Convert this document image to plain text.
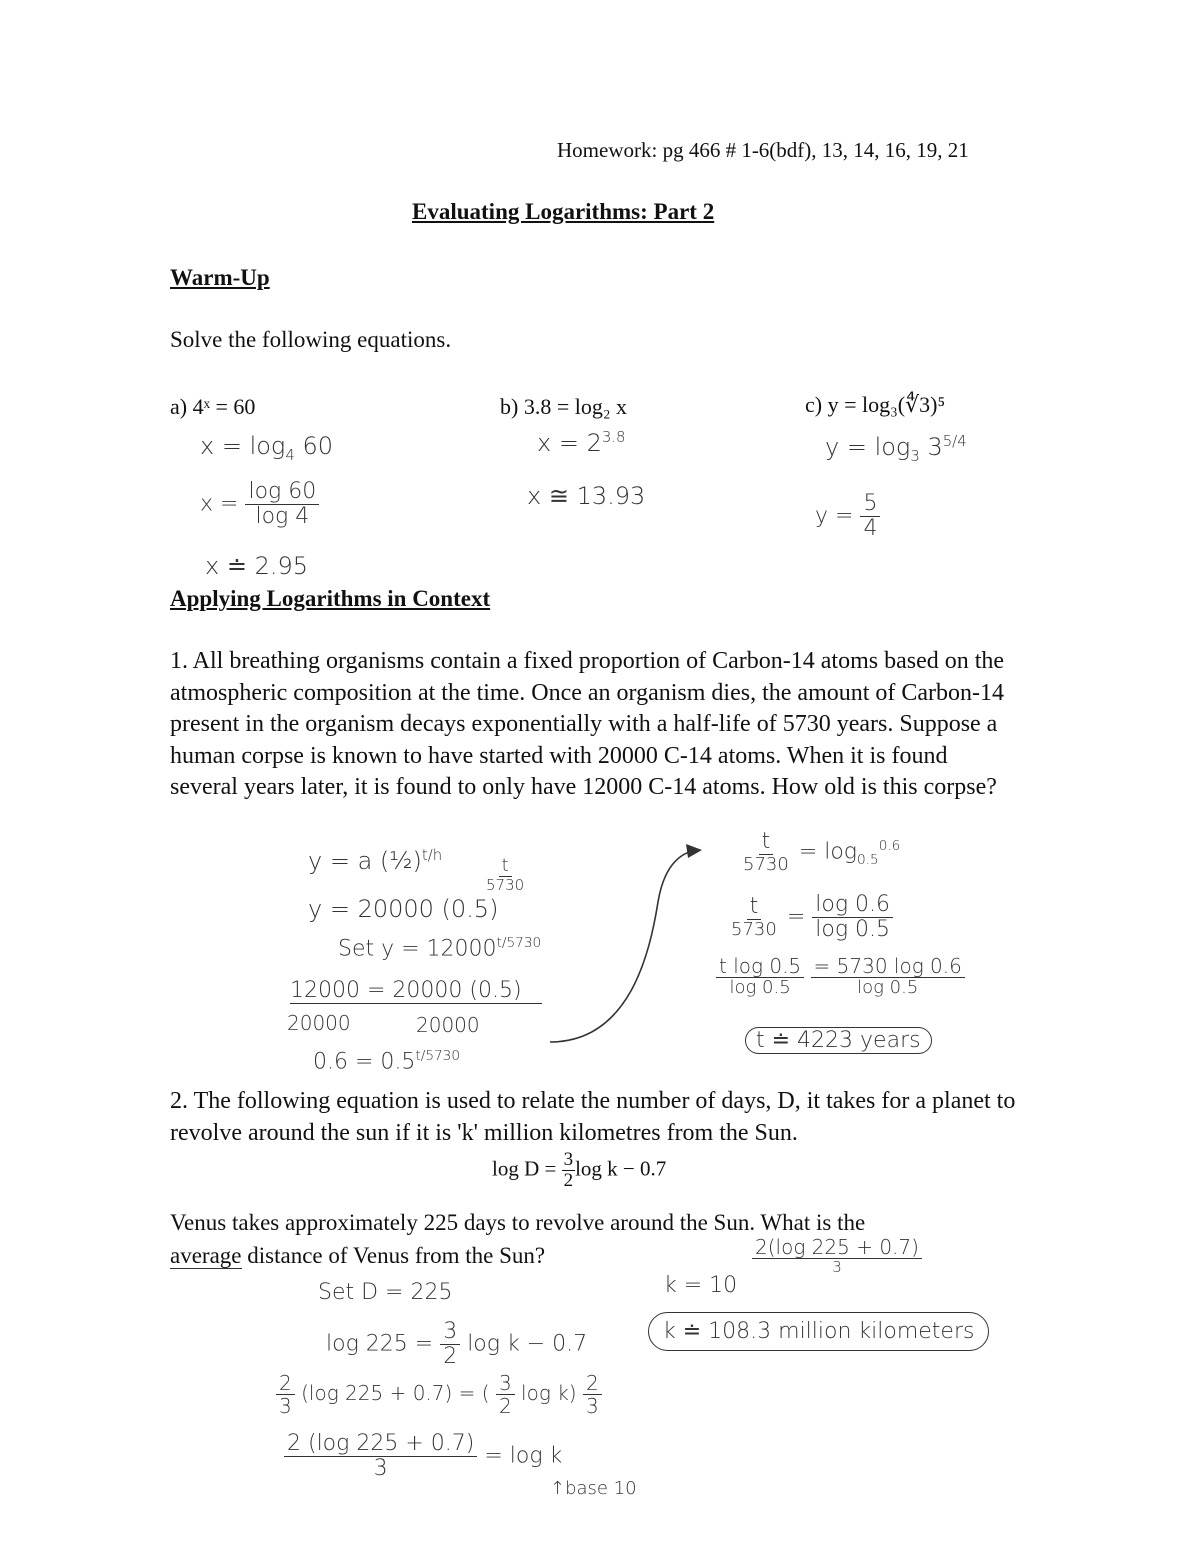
Homework: pg 466 # 1-6(bdf), 13, 14, 16, 19, 21
Evaluating Logarithms: Part 2
Warm-Up
Solve the following equations.
a) 4ˣ = 60
$x = \log_4 60$
$x = \frac{\log 60}{\log 4}$
x ≐ 2.95
b) 3.8 = log₂ x
$x = 2^{3.8}$
x ≅ 13.93
c) y = log₃(∜3)⁵
$y = \log_3 3^{5/4}$
$y = \frac{5}{4}$
Applying Logarithms in Context
1. All breathing organisms contain a fixed proportion of Carbon-14 atoms based on the atmospheric composition at the time. Once an organism dies, the amount of Carbon-14 present in the organism decays exponentially with a half-life of 5730 years. Suppose a human corpse is known to have started with 20000 C-14 atoms. When it is found several years later, it is found to only have 12000 C-14 atoms. How old is this corpse?
y = a (½)$^{t/h}$
$\frac{t}{5730}$
y = 20000 (0.5)
Set $y = 12000^{t/5730}$
12000 = 20000 (0.5)
20000	20000
$0.6 = 0.5^{t/5730}$
$\frac{t}{5730} = \log_{0.5}^{0.6}$
$\frac{t}{5730} = \frac{\log 0.6}{\log 0.5}$
$\frac{\text{t log 0.5}}{\log 0.5}$
$\frac{= 5730 \log 0.6}{\log 0.5}$
t ≐ 4223 years
2. The following equation is used to relate the number of days, D, it takes for a planet to revolve around the sun if it is 'k' million kilometres from the Sun.
$\log D = \frac{3}{2}$ log k − 0.7
Venus takes approximately 225 days to revolve around the Sun. What is the
average distance of Venus from the Sun?
Set D = 225
$\log 225 = \frac{3}{2}$ log k − 0.7
$\frac{2}{3} (\log$ 225 + 0.7) = ( $\frac{3}{2}$ $\log k) \frac{2}{3}$
$\frac{2 (\log 225 + 0.7)}{3} = \log k$
↑base 10
$\frac{2(\log 225 + 0.7)}{3}$
k = 10
k ≐ 108.3 million kilometers
